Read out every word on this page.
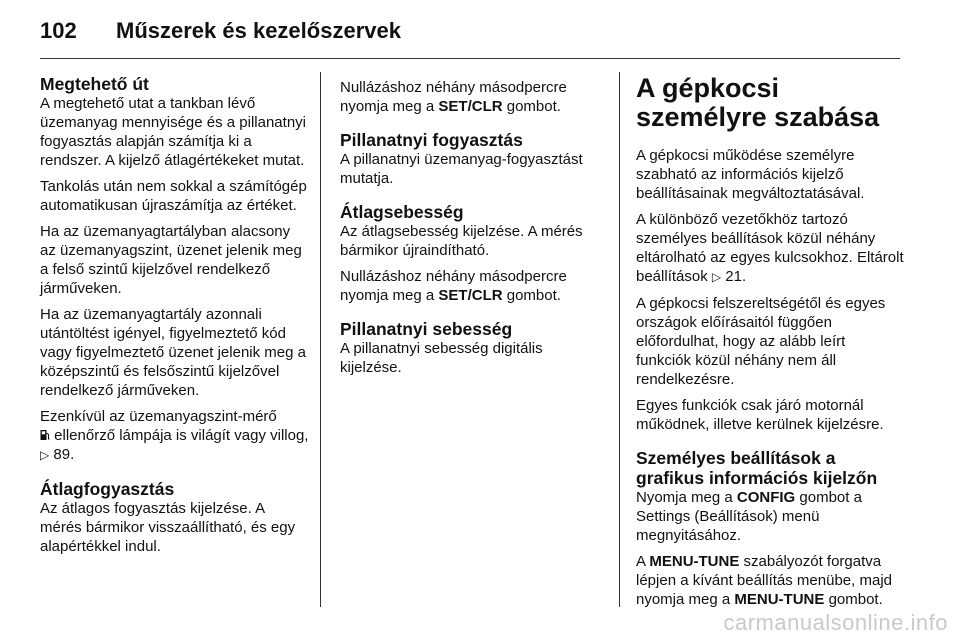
102	Műszerek és kezelőszervek
Megtehető út

A megtehető utat a tankban lévő üzemanyag mennyisége és a pillanatnyi fogyasztás alapján számítja ki a rendszer. A kijelző átlagértékeket mutat.

Tankolás után nem sokkal a számítógép automatikusan újraszámítja az értéket.

Ha az üzemanyagtartályban alacsony az üzemanyagszint, üzenet jelenik meg a felső szintű kijelzővel rendelkező járműveken.

Ha az üzemanyagtartály azonnali utántöltést igényel, figyelmeztető kód vagy figyelmeztető üzenet jelenik meg a középszintű és felsőszintű kijelzővel rendelkező járműveken.

Ezenkívül az üzemanyagszint-mérő
ellenőrző lámpája is világít vagy villog, ▷ 89.

Átlagfogyasztás

Az átlagos fogyasztás kijelzése. A mérés bármikor visszaállítható, és egy alapértékkel indul.

Nullázáshoz néhány másodpercre nyomja meg a SET/CLR gombot.

Pillanatnyi fogyasztás

A pillanatnyi üzemanyag-fogyasztást mutatja.

Átlagsebesség

Az átlagsebesség kijelzése. A mérés bármikor újraindítható.

Nullázáshoz néhány másodpercre nyomja meg a SET/CLR gombot.

Pillanatnyi sebesség

A pillanatnyi sebesség digitális kijelzése.

A gépkocsi személyre szabása

A gépkocsi működése személyre szabható az információs kijelző beállításainak megváltoztatásával.

A különböző vezetőkhöz tartozó személyes beállítások közül néhány eltárolható az egyes kulcsokhoz. Eltárolt beállítások ▷ 21.

A gépkocsi felszereltségétől és egyes országok előírásaitól függően előfordulhat, hogy az alább leírt funkciók közül néhány nem áll rendelkezésre.

Egyes funkciók csak járó motornál működnek, illetve kerülnek kijelzésre.

Személyes beállítások a grafikus információs kijelzőn

Nyomja meg a CONFIG gombot a Settings (Beállítások) menü megnyitásához.

A MENU-TUNE szabályozót forgatva lépjen a kívánt beállítás menübe, majd nyomja meg a MENU-TUNE gombot.

carmanualsonline.info
